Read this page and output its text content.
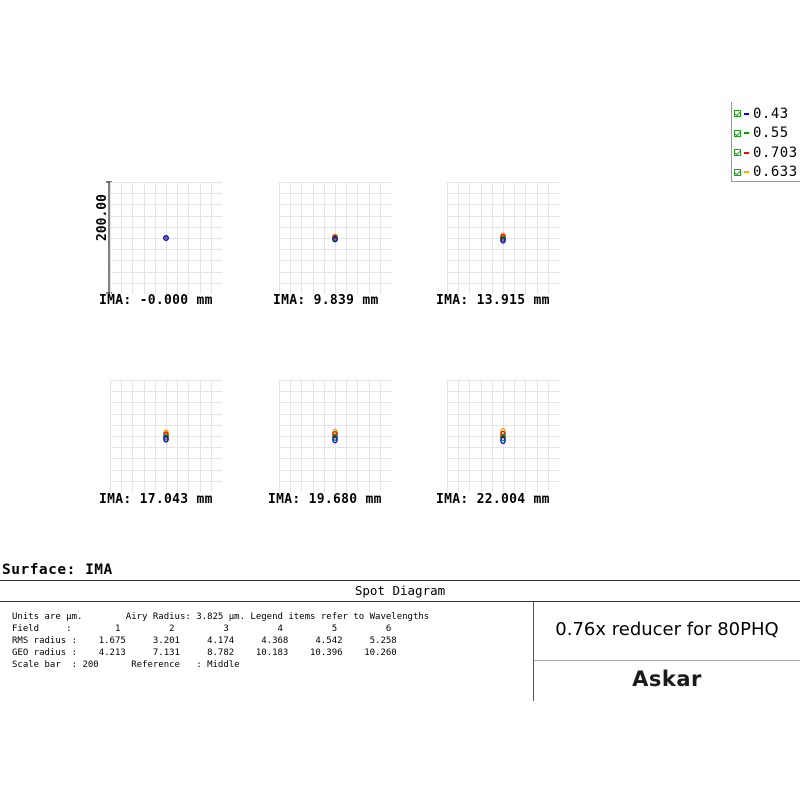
0.43
0.55
0.703
0.633
200.00
IMA: -0.000 mm	IMA: 9.839 mm	IMA: 13.915 mm
IMA: 17.043 mm	IMA: 19.680 mm	IMA: 22.004 mm
Surface: IMA
Spot Diagram
Units are µm.        Airy Radius: 3.825 µm. Legend items refer to Wavelengths
Field     :        1         2         3         4         5         6
RMS radius :    1.675     3.201     4.174     4.368     4.542     5.258
GEO radius :    4.213     7.131     8.782    10.183    10.396    10.260
Scale bar  : 200      Reference   : Middle
0.76x reducer for 80PHQ
Askar
